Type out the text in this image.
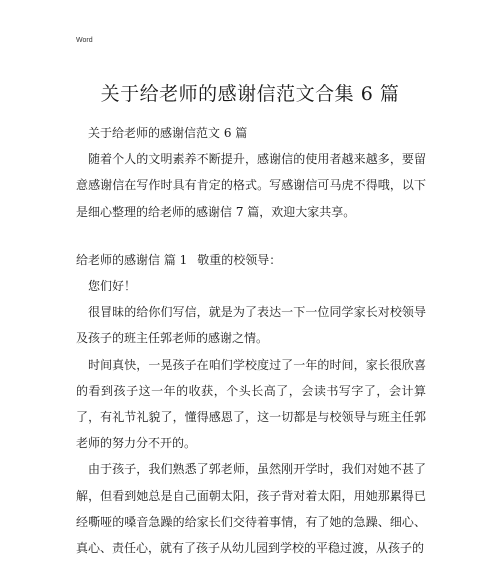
Word
关于给老师的感谢信范文合集 6 篇

关于给老师的感谢信范文 6 篇

随着个人的文明素养不断提升，感谢信的使用者越来越多，要留意感谢信在写作时具有肯定的格式。写感谢信可马虎不得哦，以下是细心整理的给老师的感谢信 7 篇，欢迎大家共享。

给老师的感谢信 篇 1 敬重的校领导：

您们好！

很冒昧的给你们写信，就是为了表达一下一位同学家长对校领导及孩子的班主任郭老师的感谢之情。

时间真快，一晃孩子在咱们学校度过了一年的时间，家长很欣喜的看到孩子这一年的收获，个头长高了，会读书写字了，会计算了，有礼节礼貌了，懂得感恩了，这一切都是与校领导与班主任郭老师的努力分不开的。

由于孩子，我们熟悉了郭老师，虽然刚开学时，我们对她不甚了解，但看到她总是自己面朝太阳，孩子背对着太阳，用她那累得已经嘶哑的嗓音急躁的给家长们交待着事情，有了她的急躁、细心、真心、责任心，就有了孩子从幼儿园到学校的平稳过渡，从孩子的
